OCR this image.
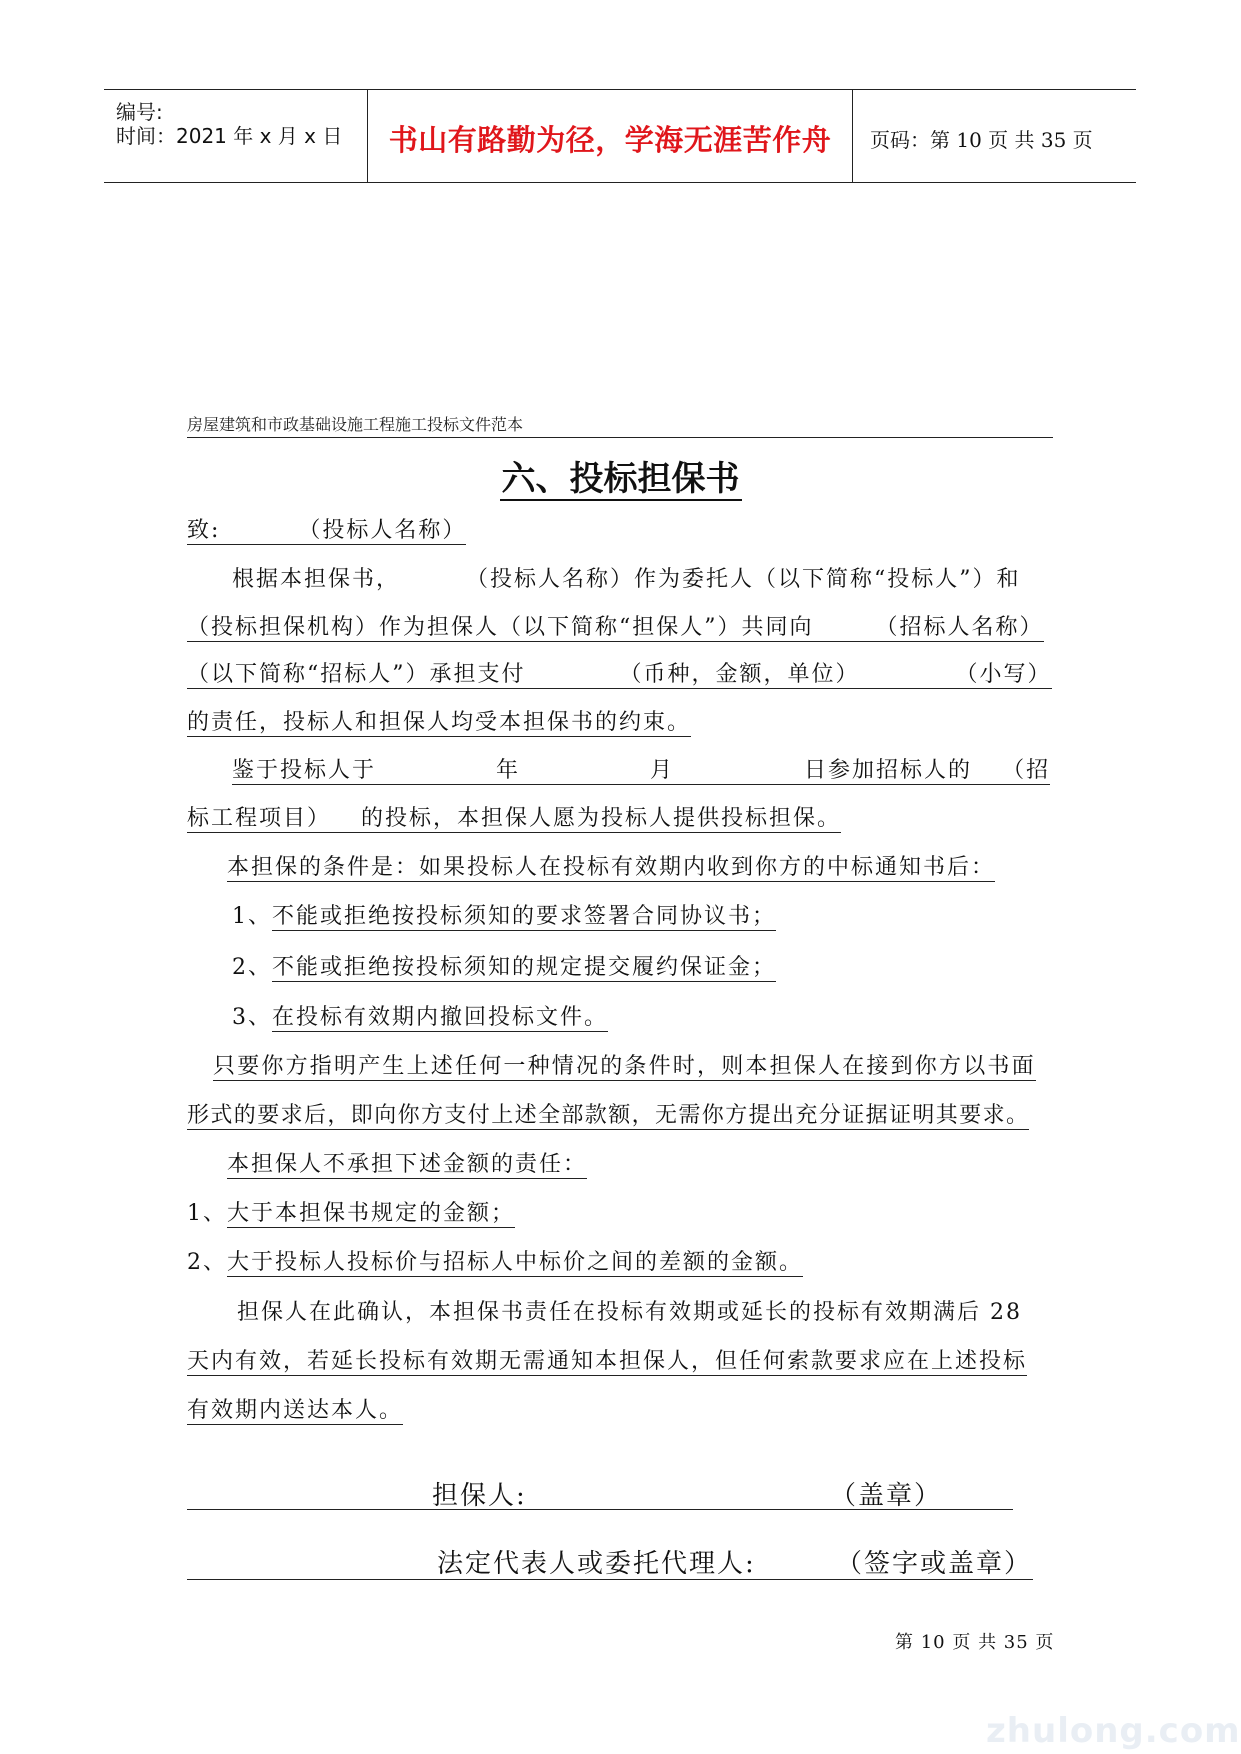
编号:
时间：2021 年 x 月 x 日	书山有路勤为径，学海无涯苦作舟	页码：第 10 页 共 35 页
房屋建筑和市政基础设施工程施工投标文件范本
六、投标担保书
致:	（投标人名称）
根据本担保书，	（投标人名称）作为委托人（以下简称“投标人”）和
（投标担保机构）作为担保人（以下简称“担保人”）共同向	（招标人名称）
（以下简称“招标人”）承担支付	（币种，金额，单位）	（小写）
的责任，投标人和担保人均受本担保书的约束。
鉴于投标人于	年	月	日参加招标人的 （招
标工程项目） 的投标，本担保人愿为投标人提供投标担保。
本担保的条件是：如果投标人在投标有效期内收到你方的中标通知书后：
1、不能或拒绝按投标须知的要求签署合同协议书；
2、不能或拒绝按投标须知的规定提交履约保证金；
3、在投标有效期内撤回投标文件。
只要你方指明产生上述任何一种情况的条件时，则本担保人在接到你方以书面
形式的要求后，即向你方支付上述全部款额，无需你方提出充分证据证明其要求。
本担保人不承担下述金额的责任：
1、大于本担保书规定的金额；
2、大于投标人投标价与招标人中标价之间的差额的金额。
担保人在此确认，本担保书责任在投标有效期或延长的投标有效期满后 28
天内有效，若延长投标有效期无需通知本担保人，但任何索款要求应在上述投标
有效期内送达本人。
担保人:	（盖章）
法定代表人或委托代理人:	（签字或盖章）
第 10 页 共 35 页
zhulong.com
